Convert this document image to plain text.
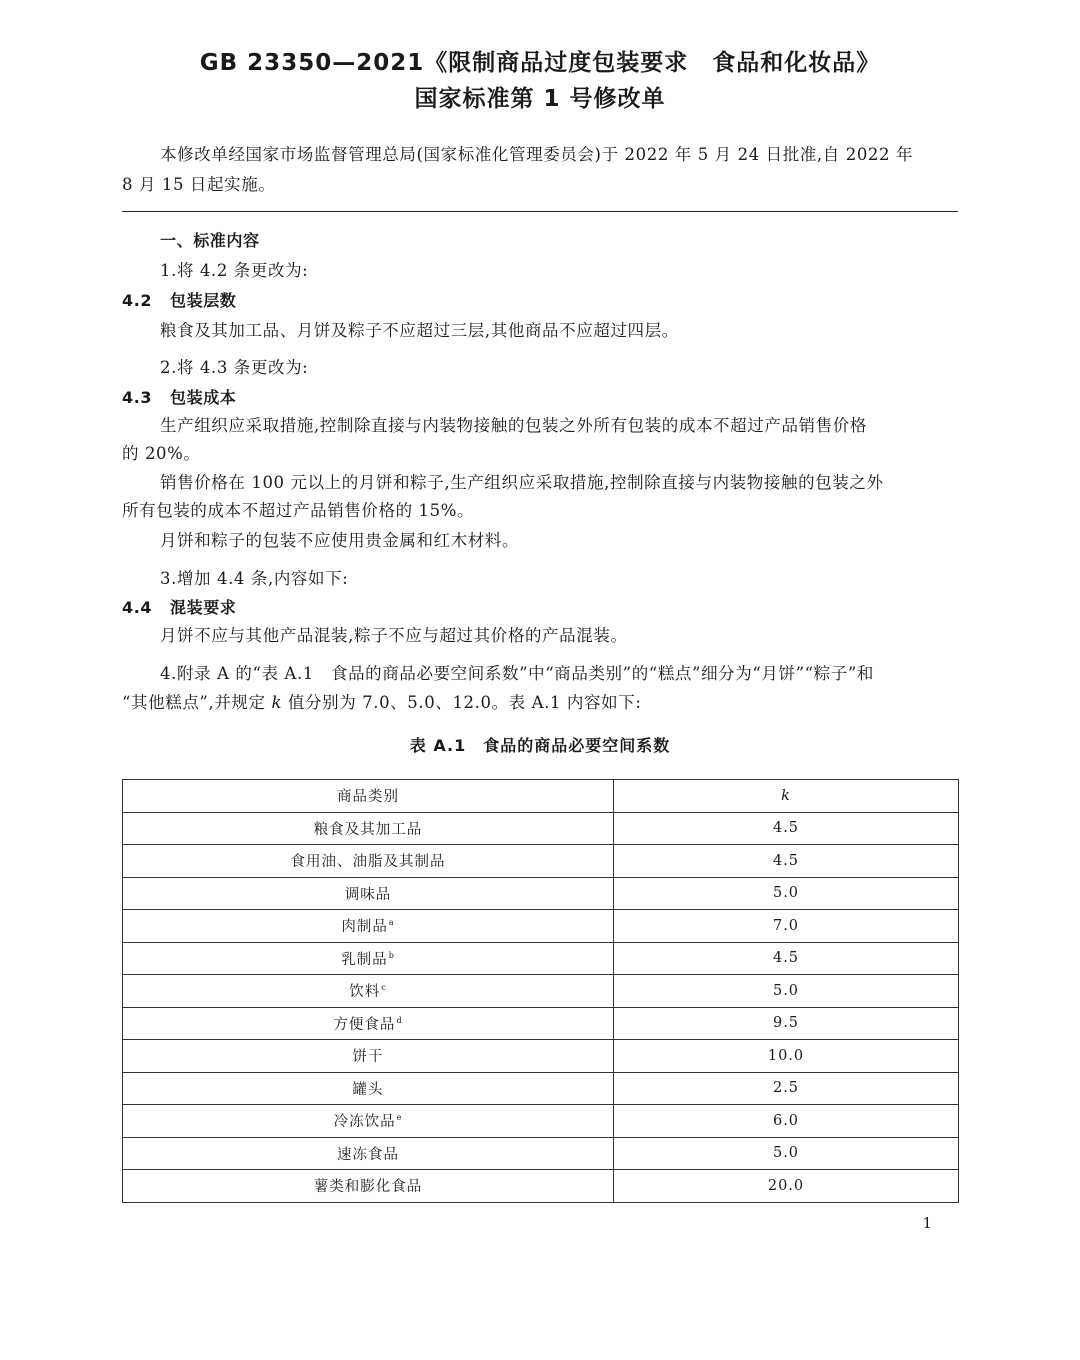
GB 23350—2021《限制商品过度包装要求　食品和化妆品》
国家标准第 1 号修改单
本修改单经国家市场监督管理总局(国家标准化管理委员会)于 2022 年 5 月 24 日批准,自 2022 年
8 月 15 日起实施。
一、标准内容
1.将 4.2 条更改为:
4.2 包装层数
粮食及其加工品、月饼及粽子不应超过三层,其他商品不应超过四层。
2.将 4.3 条更改为:
4.3 包装成本
生产组织应采取措施,控制除直接与内装物接触的包装之外所有包装的成本不超过产品销售价格
的 20%。
销售价格在 100 元以上的月饼和粽子,生产组织应采取措施,控制除直接与内装物接触的包装之外
所有包装的成本不超过产品销售价格的 15%。
月饼和粽子的包装不应使用贵金属和红木材料。
3.增加 4.4 条,内容如下:
4.4 混装要求
月饼不应与其他产品混装,粽子不应与超过其价格的产品混装。
4.附录 A 的“表 A.1　食品的商品必要空间系数”中“商品类别”的“糕点”细分为“月饼”“粽子”和
“其他糕点”,并规定 k 值分别为 7.0、5.0、12.0。表 A.1 内容如下:
表 A.1　食品的商品必要空间系数
商品类别	k
粮食及其加工品	4.5
食用油、油脂及其制品	4.5
调味品	5.0
肉制品$^a$	7.0
乳制品$^b$	4.5
饮料$^c$	5.0
方便食品$^d$	9.5
饼干	10.0
罐头	2.5
冷冻饮品$^e$	6.0
速冻食品	5.0
薯类和膨化食品	20.0
1
